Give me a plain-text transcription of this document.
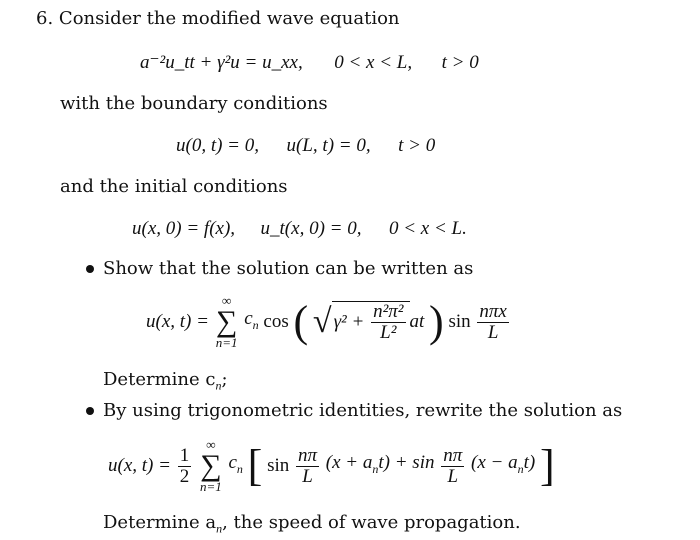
6. Consider the modified wave equation
a⁻²u_tt + γ²u = u_xx, 0 < x < L, t > 0
with the boundary conditions
u(0, t) = 0, u(L, t) = 0, t > 0
and the initial conditions
u(x, 0) = f(x), u_t(x, 0) = 0, 0 < x < L.
Show that the solution can be written as
u(x, t) =
∞
∑
n=1
$c_n$ cos ( √ $\gamma^2 + \frac{\text{n²π²}}{\text{L²}}$ at ) $\sin \frac{\text{nπx}}{L}$
Determine $c_n$;
By using trigonometric identities, rewrite the solution as
u(x, $t) = \frac{1}{2}$

∞
∑
n=1
$c_n$ [ $\sin \frac{n\pi}{L} (x + a_nt) + \sin \frac{n\pi}{L} (x - a_nt)$ ]
Determine $a_n$, the speed of wave propagation.
